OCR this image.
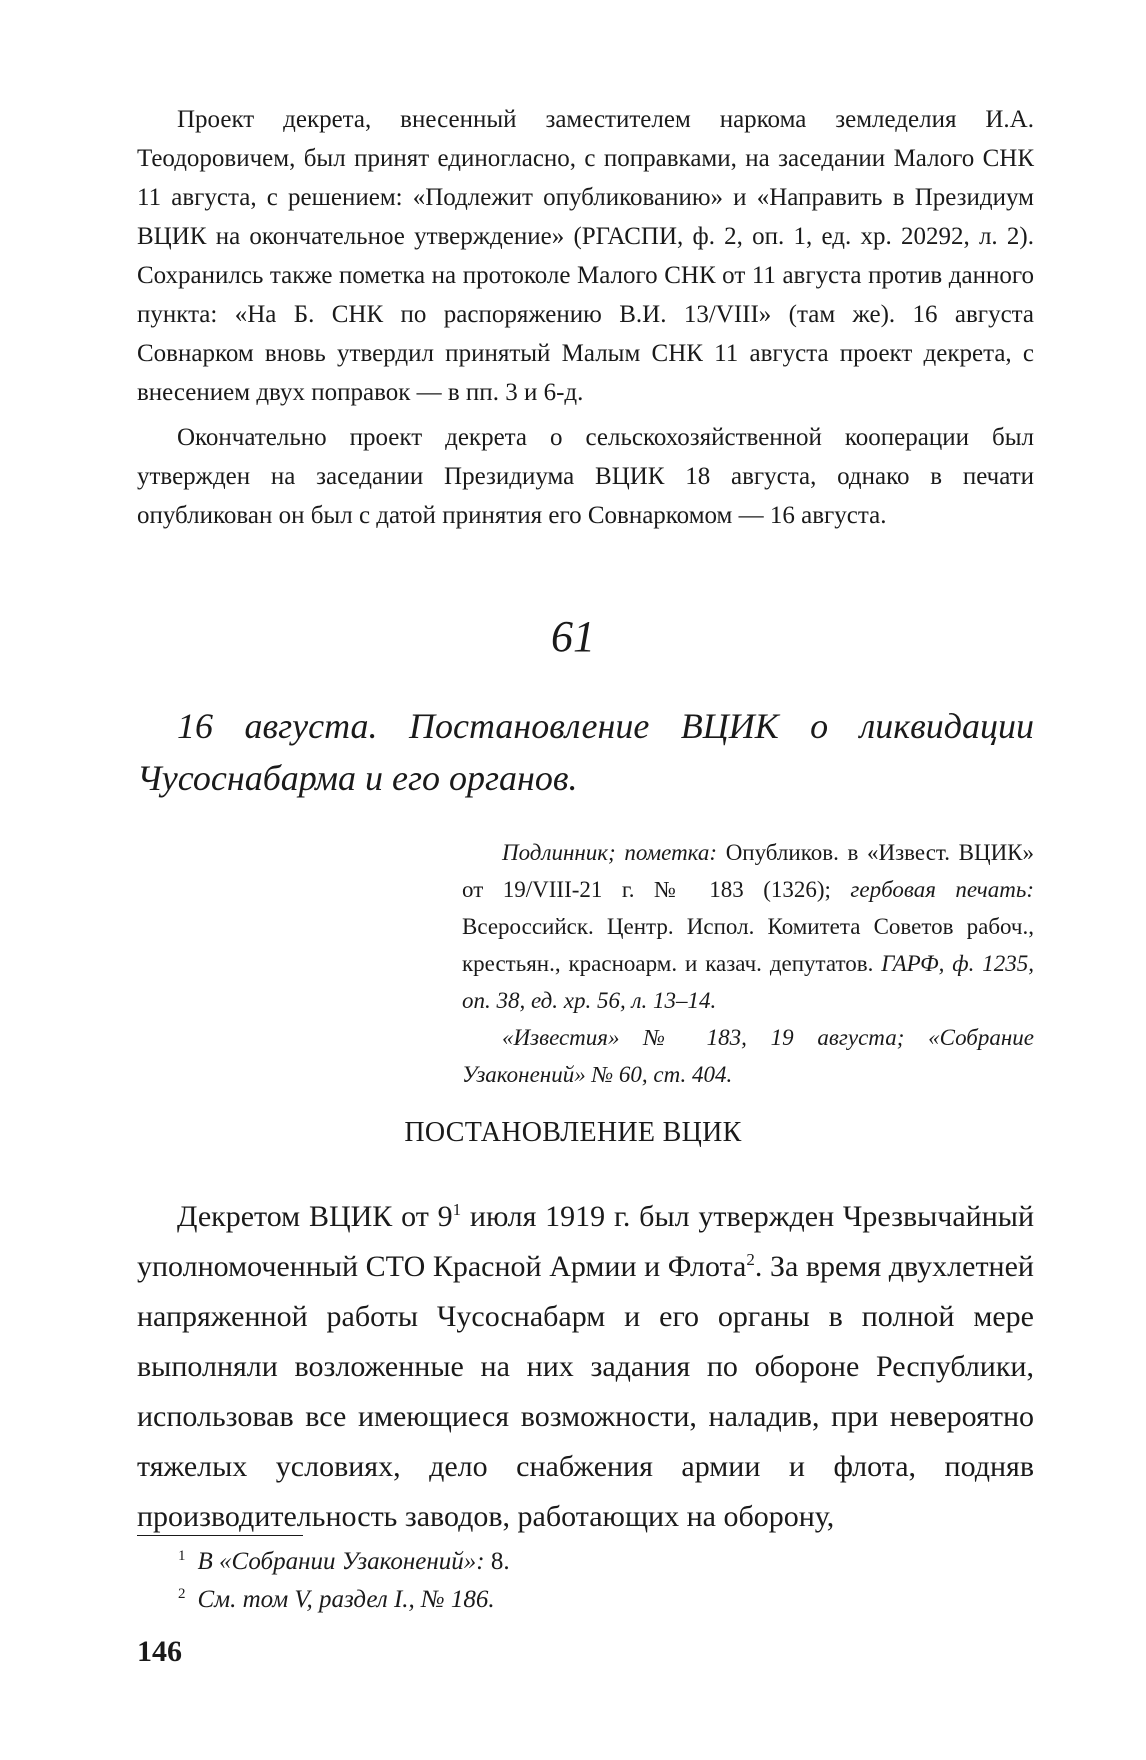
Проект декрета, внесенный заместителем наркома земледелия И.А. Теодоровичем, был принят единогласно, с поправками, на заседании Малого СНК 11 августа, с решением: «Подлежит опубликованию» и «Направить в Президиум ВЦИК на окончательное утверждение» (РГАСПИ, ф. 2, оп. 1, ед. хр. 20292, л. 2). Сохранилсь также пометка на протоколе Малого СНК от 11 августа против данного пункта: «На Б. СНК по распоряжению В.И. 13/VIII» (там же). 16 августа Совнарком вновь утвердил принятый Малым СНК 11 августа проект декрета, с внесением двух поправок — в пп. 3 и 6-д.

Окончательно проект декрета о сельскохозяйственной кооперации был утвержден на заседании Президиума ВЦИК 18 августа, однако в печати опубликован он был с датой принятия его Совнаркомом — 16 августа.

61
16 августа. Постановление ВЦИК о ликвидации Чусоснабарма и его органов.

Подлинник; пометка: Опубликов. в «Извест. ВЦИК» от 19/VIII-21 г. № 183 (1326); гербовая печать: Всероссийск. Центр. Испол. Комитета Советов рабоч., крестьян., красноарм. и казач. депутатов. ГАРФ, ф. 1235, оп. 38, ед. хр. 56, л. 13–14.

«Известия» № 183, 19 августа; «Собрание Узаконений» № 60, ст. 404.

ПОСТАНОВЛЕНИЕ ВЦИК

Декретом ВЦИК от $9^1$ июля 1919 г. был утвержден Чрезвычайный уполномоченный СТО Красной Армии и Флота$^2$. За время двухлетней напряженной работы Чусоснабарм и его органы в полной мере выполняли возложенные на них задания по обороне Республики, использовав все имеющиеся возможности, наладив, при невероятно тяжелых условиях, дело снабжения армии и флота, подняв производительность заводов, работающих на оборону,

$^1$ В «Собрании Узаконений»: 8.
$^2$ См. том V, раздел I., № 186.
146
